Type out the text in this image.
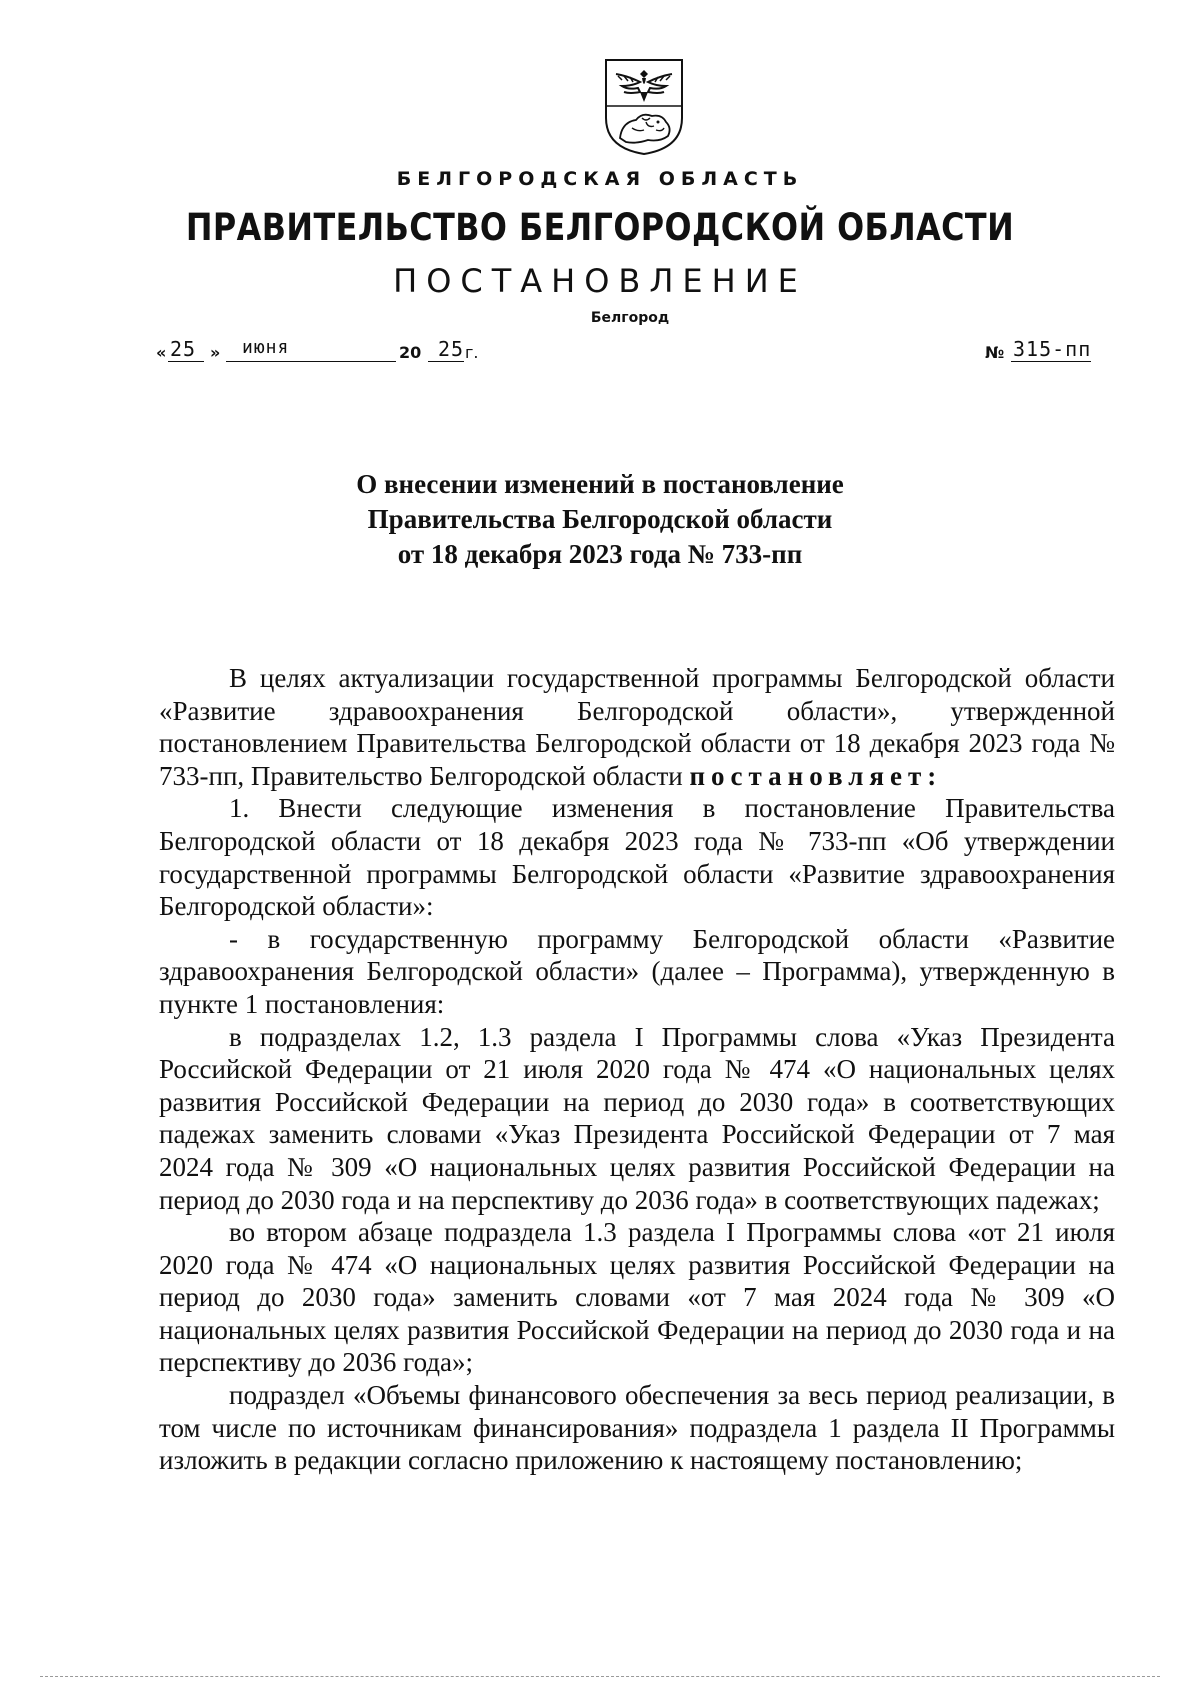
БЕЛГОРОДСКАЯ ОБЛАСТЬ
ПРАВИТЕЛЬСТВО БЕЛГОРОДСКОЙ ОБЛАСТИ
ПОСТАНОВЛЕНИЕ
Белгород
« 25 » июня	20 25 г.	№ 315-пп
О внесении изменений в постановление
Правительства Белгородской области
от 18 декабря 2023 года № 733-пп

В целях актуализации государственной программы Белгородской области «Развитие здравоохранения Белгородской области», утвержденной постановлением Правительства Белгородской области от 18 декабря 2023 года № 733-пп, Правительство Белгородской области постановляет:

1. Внести следующие изменения в постановление Правительства Белгородской области от 18 декабря 2023 года № 733-пп «Об утверждении государственной программы Белгородской области «Развитие здравоохранения Белгородской области»:

- в государственную программу Белгородской области «Развитие здравоохранения Белгородской области» (далее – Программа), утвержденную в пункте 1 постановления:

в подразделах 1.2, 1.3 раздела I Программы слова «Указ Президента Российской Федерации от 21 июля 2020 года № 474 «О национальных целях развития Российской Федерации на период до 2030 года» в соответствующих падежах заменить словами «Указ Президента Российской Федерации от 7 мая 2024 года № 309 «О национальных целях развития Российской Федерации на период до 2030 года и на перспективу до 2036 года» в соответствующих падежах;

во втором абзаце подраздела 1.3 раздела I Программы слова «от 21 июля 2020 года № 474 «О национальных целях развития Российской Федерации на период до 2030 года» заменить словами «от 7 мая 2024 года № 309 «О национальных целях развития Российской Федерации на период до 2030 года и на перспективу до 2036 года»;

подраздел «Объемы финансового обеспечения за весь период реализации, в том числе по источникам финансирования» подраздела 1 раздела II Программы изложить в редакции согласно приложению к настоящему постановлению;
